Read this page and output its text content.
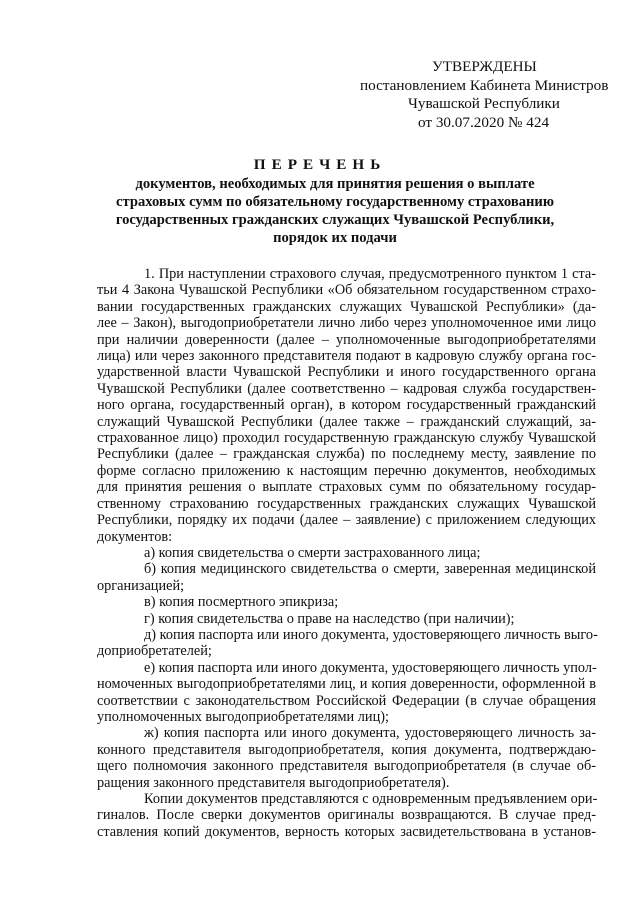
УТВЕРЖДЕНЫ
постановлением Кабинета Министров
Чувашской Республики
от 30.07.2020 № 424
ПЕРЕЧЕНЬ
документов, необходимых для принятия решения о выплате
страховых сумм по обязательному государственному страхованию
государственных гражданских служащих Чувашской Республики,
порядок их подачи

1. При наступлении страхового случая, предусмотренного пунктом 1 ста-
тьи 4 Закона Чувашской Республики «Об обязательном государственном страхо-
вании государственных гражданских служащих Чувашской Республики» (да-
лее – Закон), выгодоприобретатели лично либо через уполномоченное ими лицо
при наличии доверенности (далее – уполномоченные выгодоприобретателями
лица) или через законного представителя подают в кадровую службу органа гос-
ударственной власти Чувашской Республики и иного государственного органа
Чувашской Республики (далее соответственно – кадровая служба государствен-
ного органа, государственный орган), в котором государственный гражданский
служащий Чувашской Республики (далее также – гражданский служащий, за-
страхованное лицо) проходил государственную гражданскую службу Чувашской
Республики (далее – гражданская служба) по последнему месту, заявление по
форме согласно приложению к настоящим перечню документов, необходимых
для принятия решения о выплате страховых сумм по обязательному государ-
ственному страхованию государственных гражданских служащих Чувашской
Республики, порядку их подачи (далее – заявление) с приложением следующих
документов:

а) копия свидетельства о смерти застрахованного лица;

б) копия медицинского свидетельства о смерти, заверенная медицинской
организацией;

в) копия посмертного эпикриза;

г) копия свидетельства о праве на наследство (при наличии);

д) копия паспорта или иного документа, удостоверяющего личность выго-
доприобретателей;

е) копия паспорта или иного документа, удостоверяющего личность упол-
номоченных выгодоприобретателями лиц, и копия доверенности, оформленной в
соответствии с законодательством Российской Федерации (в случае обращения
уполномоченных выгодоприобретателями лиц);

ж) копия паспорта или иного документа, удостоверяющего личность за-
конного представителя выгодоприобретателя, копия документа, подтверждаю-
щего полномочия законного представителя выгодоприобретателя (в случае об-
ращения законного представителя выгодоприобретателя).

Копии документов представляются с одновременным предъявлением ори-
гиналов. После сверки документов оригиналы возвращаются. В случае пред-
ставления копий документов, верность которых засвидетельствована в установ-
